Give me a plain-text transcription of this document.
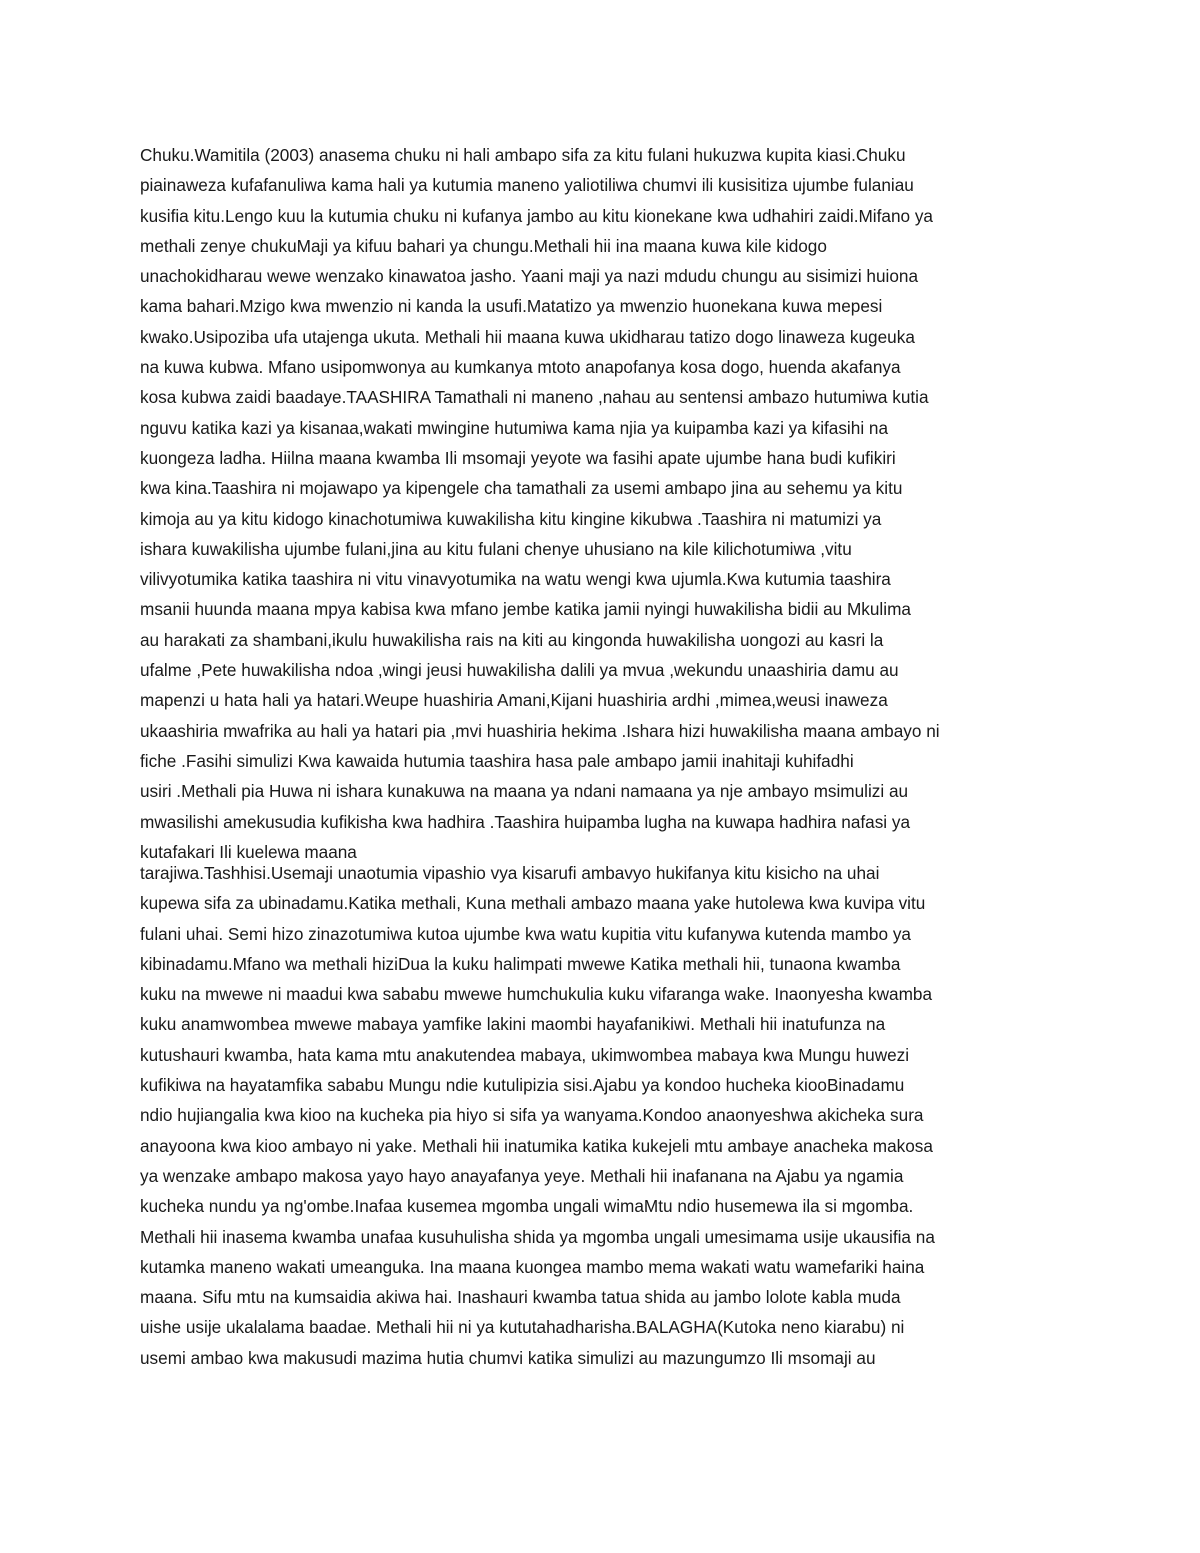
Chuku.Wamitila (2003) anasema chuku ni hali ambapo sifa za kitu fulani hukuzwa kupita kiasi.Chuku
piainaweza kufafanuliwa kama hali ya kutumia maneno yaliotiliwa chumvi ili kusisitiza ujumbe fulaniau
kusifia kitu.Lengo kuu la kutumia chuku ni kufanya jambo au kitu kionekane kwa udhahiri zaidi.Mifano ya
methali zenye chukuMaji ya kifuu bahari ya chungu.Methali hii ina maana kuwa kile kidogo
unachokidharau wewe wenzako kinawatoa jasho. Yaani maji ya nazi mdudu chungu au sisimizi huiona
kama bahari.Mzigo kwa mwenzio ni kanda la usufi.Matatizo ya mwenzio huonekana kuwa mepesi
kwako.Usipoziba ufa utajenga ukuta. Methali hii maana kuwa ukidharau tatizo dogo linaweza kugeuka
na kuwa kubwa. Mfano usipomwonya au kumkanya mtoto anapofanya kosa dogo, huenda akafanya
kosa kubwa zaidi baadaye.TAASHIRA Tamathali ni maneno ,nahau au sentensi ambazo hutumiwa kutia
nguvu katika kazi ya kisanaa,wakati mwingine hutumiwa kama njia ya kuipamba kazi ya kifasihi na
kuongeza ladha. Hiilna maana kwamba Ili msomaji yeyote wa fasihi apate ujumbe hana budi kufikiri
kwa kina.Taashira ni mojawapo ya kipengele cha tamathali za usemi ambapo jina au sehemu ya kitu
kimoja au ya kitu kidogo kinachotumiwa kuwakilisha kitu kingine kikubwa .Taashira ni matumizi ya
ishara kuwakilisha ujumbe fulani,jina au kitu fulani chenye uhusiano na kile kilichotumiwa ,vitu
vilivyotumika katika taashira ni vitu vinavyotumika na watu wengi kwa ujumla.Kwa kutumia taashira
msanii huunda maana mpya kabisa kwa mfano jembe katika jamii nyingi huwakilisha bidii au Mkulima
au harakati za shambani,ikulu huwakilisha rais na kiti au kingonda huwakilisha uongozi au kasri la
ufalme ,Pete huwakilisha ndoa ,wingi jeusi huwakilisha dalili ya mvua ,wekundu unaashiria damu au
mapenzi u hata hali ya hatari.Weupe huashiria Amani,Kijani huashiria ardhi ,mimea,weusi inaweza
ukaashiria mwafrika au hali ya hatari pia ,mvi huashiria hekima .Ishara hizi huwakilisha maana ambayo ni
fiche .Fasihi simulizi Kwa kawaida hutumia taashira hasa pale ambapo jamii inahitaji kuhifadhi
usiri .Methali pia Huwa ni ishara kunakuwa na maana ya ndani namaana ya nje ambayo msimulizi au
mwasilishi amekusudia kufikisha kwa hadhira .Taashira huipamba lugha na kuwapa hadhira nafasi ya
kutafakari Ili kuelewa maana
tarajiwa.Tashhisi.Usemaji unaotumia vipashio vya kisarufi ambavyo hukifanya kitu kisicho na uhai
kupewa sifa za ubinadamu.Katika methali, Kuna methali ambazo maana yake hutolewa kwa kuvipa vitu
fulani uhai. Semi hizo zinazotumiwa kutoa ujumbe kwa watu kupitia vitu kufanywa kutenda mambo ya
kibinadamu.Mfano wa methali hiziDua la kuku halimpati mwewe Katika methali hii, tunaona kwamba
kuku na mwewe ni maadui kwa sababu mwewe humchukulia kuku vifaranga wake. Inaonyesha kwamba
kuku anamwombea mwewe mabaya yamfike lakini maombi hayafanikiwi. Methali hii inatufunza na
kutushauri kwamba, hata kama mtu anakutendea mabaya, ukimwombea mabaya kwa Mungu huwezi
kufikiwa na hayatamfika sababu Mungu ndie kutulipizia sisi.Ajabu ya kondoo hucheka kiooBinadamu
ndio hujiangalia kwa kioo na kucheka pia hiyo si sifa ya wanyama.Kondoo anaonyeshwa akicheka sura
anayoona kwa kioo ambayo ni yake. Methali hii inatumika katika kukejeli mtu ambaye anacheka makosa
ya wenzake ambapo makosa yayo hayo anayafanya yeye. Methali hii inafanana na Ajabu ya ngamia
kucheka nundu ya ng'ombe.Inafaa kusemea mgomba ungali wimaMtu ndio husemewa ila si mgomba.
Methali hii inasema kwamba unafaa kusuhulisha shida ya mgomba ungali umesimama usije ukausifia na
kutamka maneno wakati umeanguka. Ina maana kuongea mambo mema wakati watu wamefariki haina
maana. Sifu mtu na kumsaidia akiwa hai. Inashauri kwamba tatua shida au jambo lolote kabla muda
uishe usije ukalalama baadae. Methali hii ni ya kututahadharisha.BALAGHA(Kutoka neno kiarabu) ni
usemi ambao kwa makusudi mazima hutia chumvi katika simulizi au mazungumzo Ili msomaji au
